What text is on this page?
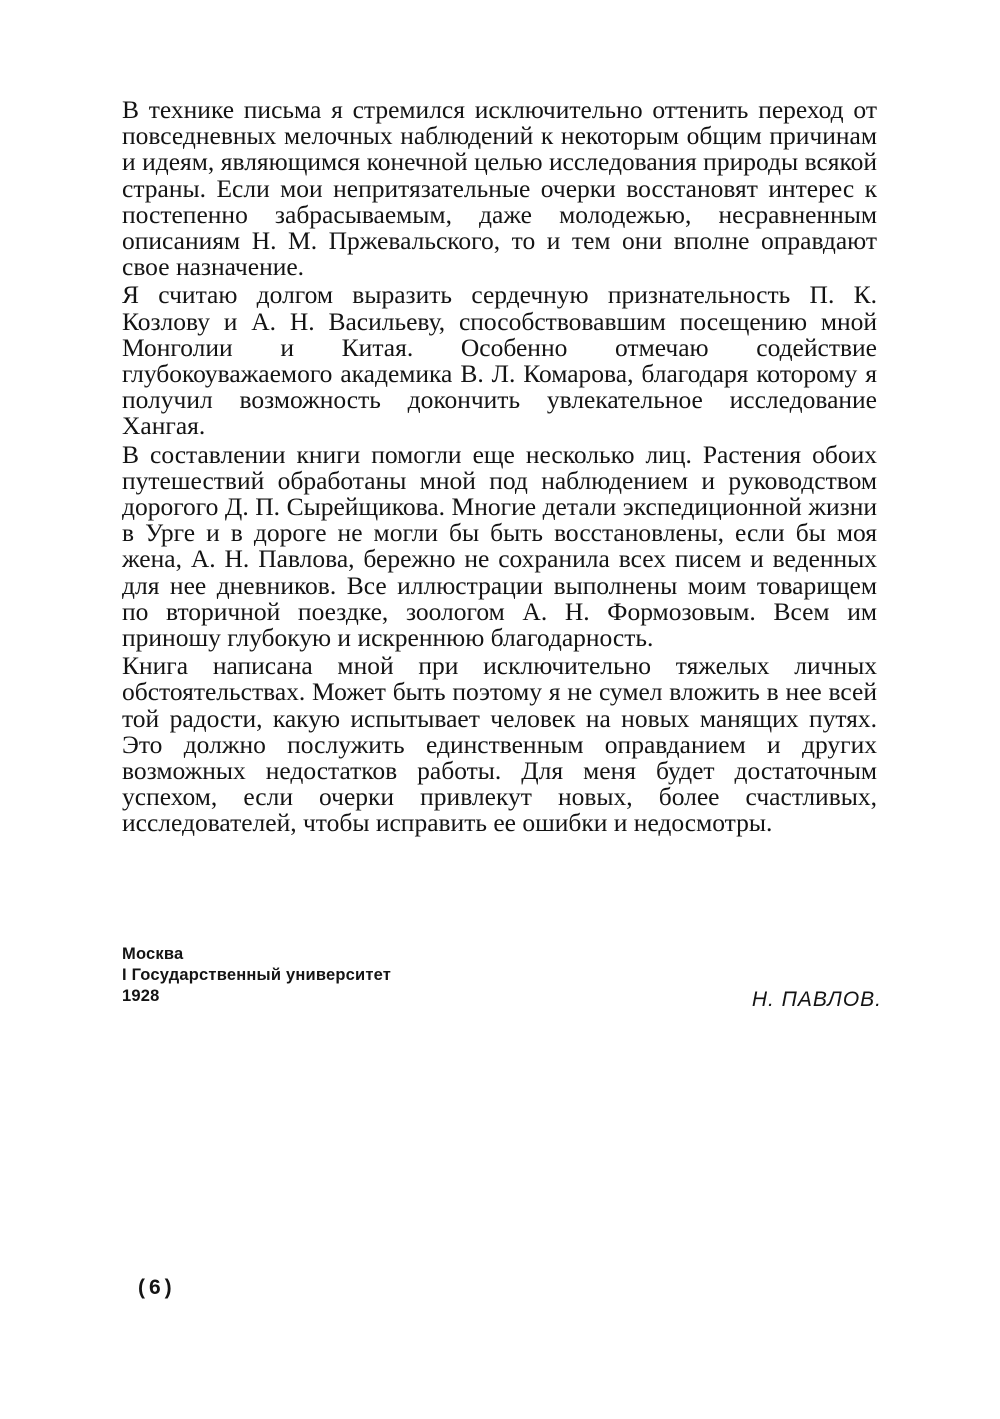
В технике письма я стремился исключительно оттенить переход от повседневных мелочных наблюдений к некоторым общим причинам и идеям, являющимся конечной целью исследования природы всякой страны. Если мои непритязательные очерки восстановят интерес к постепенно забрасываемым, даже молодежью, несравненным описаниям Н. М. Пржевальского, то и тем они вполне оправдают свое назначение.

Я считаю долгом выразить сердечную признательность П. К. Козлову и А. Н. Васильеву, способствовавшим посещению мной Монголии и Китая. Особенно отмечаю содействие глубокоуважаемого академика В. Л. Комарова, благодаря которому я получил возможность докончить увлекательное исследование Хангая.

В составлении книги помогли еще несколько лиц. Растения обоих путешествий обработаны мной под наблюдением и руководством дорогого Д. П. Сырейщикова. Многие детали экспедиционной жизни в Урге и в дороге не могли бы быть восстановлены, если бы моя жена, А. Н. Павлова, бережно не сохранила всех писем и веденных для нее дневников. Все иллюстрации выполнены моим товарищем по вторичной поездке, зоологом А. Н. Формозовым. Всем им приношу глубокую и искреннюю благодарность.

Книга написана мной при исключительно тяжелых личных обстоятельствах. Может быть поэтому я не сумел вложить в нее всей той радости, какую испытывает человек на новых манящих путях. Это должно послужить единственным оправданием и других возможных недостатков работы. Для меня будет достаточным успехом, если очерки привлекут новых, более счастливых, исследователей, чтобы исправить ее ошибки и недосмотры.

Москва
I Государственный университет
1928	Н. ПАВЛОВ.
(6)
